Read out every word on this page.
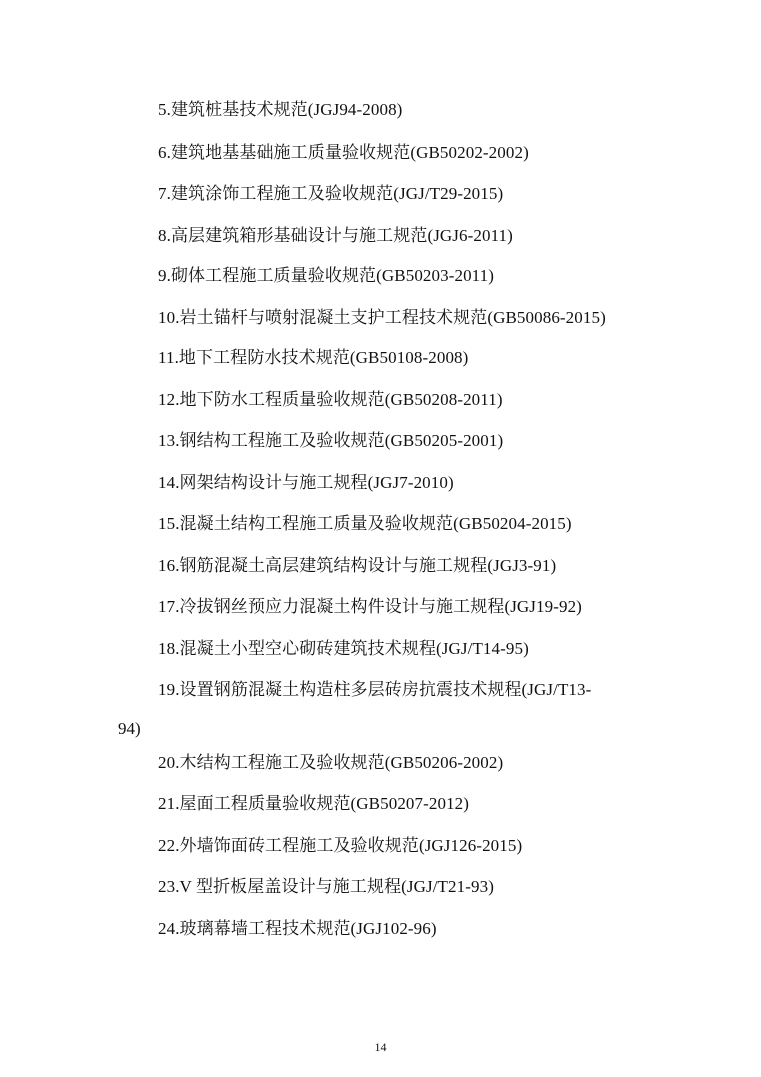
5.建筑桩基技术规范(JGJ94-2008)
6.建筑地基基础施工质量验收规范(GB50202-2002)
7.建筑涂饰工程施工及验收规范(JGJ/T29-2015)
8.高层建筑箱形基础设计与施工规范(JGJ6-2011)
9.砌体工程施工质量验收规范(GB50203-2011)
10.岩土锚杆与喷射混凝土支护工程技术规范(GB50086-2015)
11.地下工程防水技术规范(GB50108-2008)
12.地下防水工程质量验收规范(GB50208-2011)
13.钢结构工程施工及验收规范(GB50205-2001)
14.网架结构设计与施工规程(JGJ7-2010)
15.混凝土结构工程施工质量及验收规范(GB50204-2015)
16.钢筋混凝土高层建筑结构设计与施工规程(JGJ3-91)
17.冷拔钢丝预应力混凝土构件设计与施工规程(JGJ19-92)
18.混凝土小型空心砌砖建筑技术规程(JGJ/T14-95)
19.设置钢筋混凝土构造柱多层砖房抗震技术规程(JGJ/T13-
94)
20.木结构工程施工及验收规范(GB50206-2002)
21.屋面工程质量验收规范(GB50207-2012)
22.外墙饰面砖工程施工及验收规范(JGJ126-2015)
23.V 型折板屋盖设计与施工规程(JGJ/T21-93)
24.玻璃幕墙工程技术规范(JGJ102-96)
14
